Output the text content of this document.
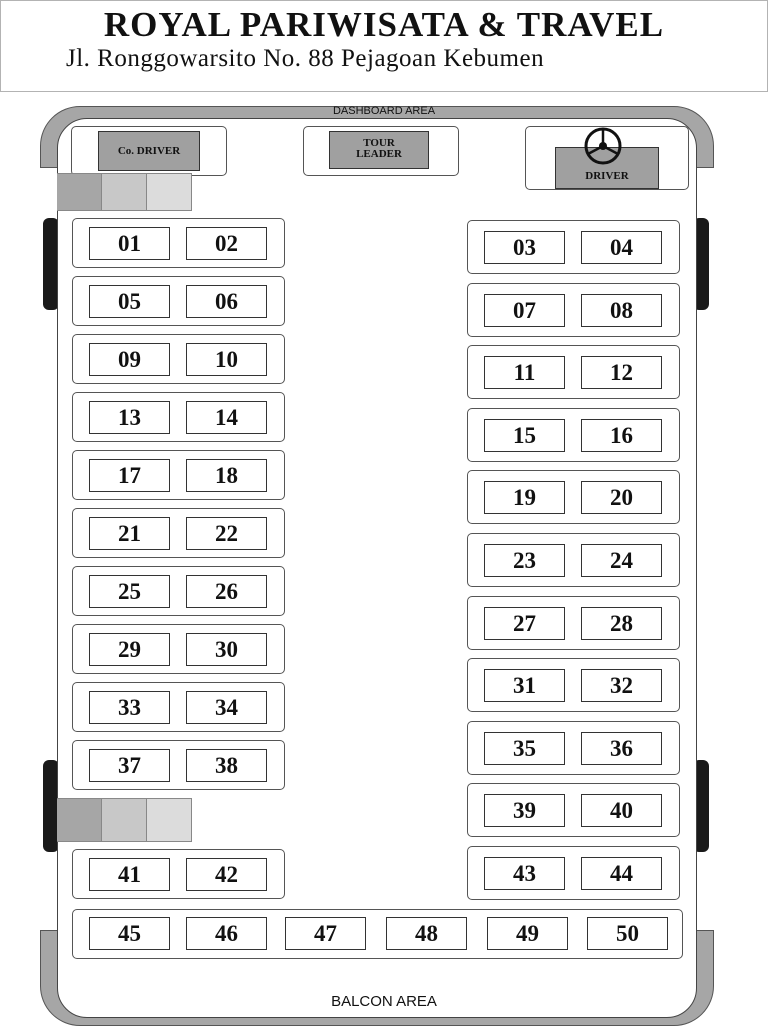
ROYAL PARIWISATA & TRAVEL
Jl. Ronggowarsito No. 88 Pejagoan Kebumen
DASHBOARD AREA
BALCON AREA
Co. DRIVER
TOUR
LEADER
DRIVER
01	02
05	06
09	10
13	14
17	18
21	22
25	26
29	30
33	34
37	38
41	42
03	04
07	08
11	12
15	16
19	20
23	24
27	28
31	32
35	36
39	40
43	44
45	46	47	48	49	50
